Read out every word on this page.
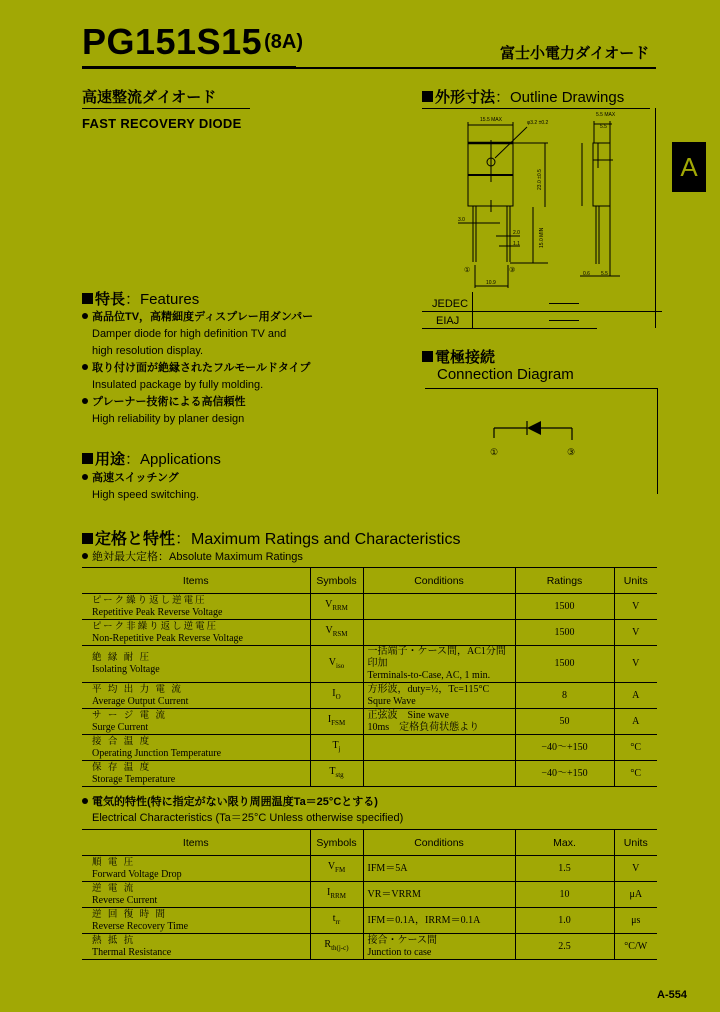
PG151S15 $^{(8A)}$
富士小電力ダイオード
高速整流ダイオード
FAST RECOVERY DIODE
A
外形寸法：Outline Drawings
15.5 MAX	φ3.2 ±0.2
5.5 MAX
5.5
3.0
2.0
1.1
10.9
0.6 5.5
23.0 ±0.5
15.0 MIN
①	③
JEDEC
EIAJ
電極接続
Connection Diagram
①	③
特長：Features
高品位TV，高精細度ディスプレー用ダンパー
Damper diode for high definition TV and
high resolution display.
取り付け面が絶縁されたフルモールドタイプ
Insulated package by fully molding.
プレーナー技術による高信頼性
High reliability by planer design
用途：Applications
高速スイッチング
High speed switching.
定格と特性：Maximum Ratings and Characteristics
絶対最大定格：Absolute Maximum Ratings
Items	Symbols	Conditions	Ratings	Units

ピーク繰り返し逆電圧
Repetitive Peak Reverse Voltage	$V_{RRM}$		1500	V

ピーク非繰り返し逆電圧
Non-Repetitive Peak Reverse Voltage	$V_{RSM}$		1500	V

絶 縁 耐 圧
Isolating Voltage
	$V_{iso}$	
一括端子・ケース間，AC1分間印加
Terminals-to-Case, AC, 1 min.
	1500	V

平 均 出 力 電 流
Average Output Current
	$I_O$	
方形波，duty=½，Tc=115°C
Squre Wave
	8	A

サ ー ジ 電 流
Surge Current
	$I_{FSM}$	
正弦波　Sine wave
10ms　定格負荷状態より
	50	A

接 合 温 度
Operating Junction Temperature	$T_j$		−40～+150	°C

保 存 温 度
Storage Temperature	$T_{stg}$		−40～+150	°C
電気的特性(特に指定がない限り周囲温度Ta＝25°Cとする)
Electrical Characteristics (Ta＝25°C Unless otherwise specified)
Items	Symbols	Conditions	Max.	Units

順 電 圧
Forward Voltage Drop	$V_{FM}$	IFM＝5A	1.5	V

逆 電 流
Reverse Current	$I_{RRM}$	VR＝VRRM	10	μA

逆 回 復 時 間
Reverse Recovery Time	$t_{rr}$	IFM＝0.1A，IRRM＝0.1A	1.0	μs

熱 抵 抗
Thermal Resistance
	$R_{th(j-c)}$	
接合・ケース間
Junction to case
	2.5	°C/W
A-554
